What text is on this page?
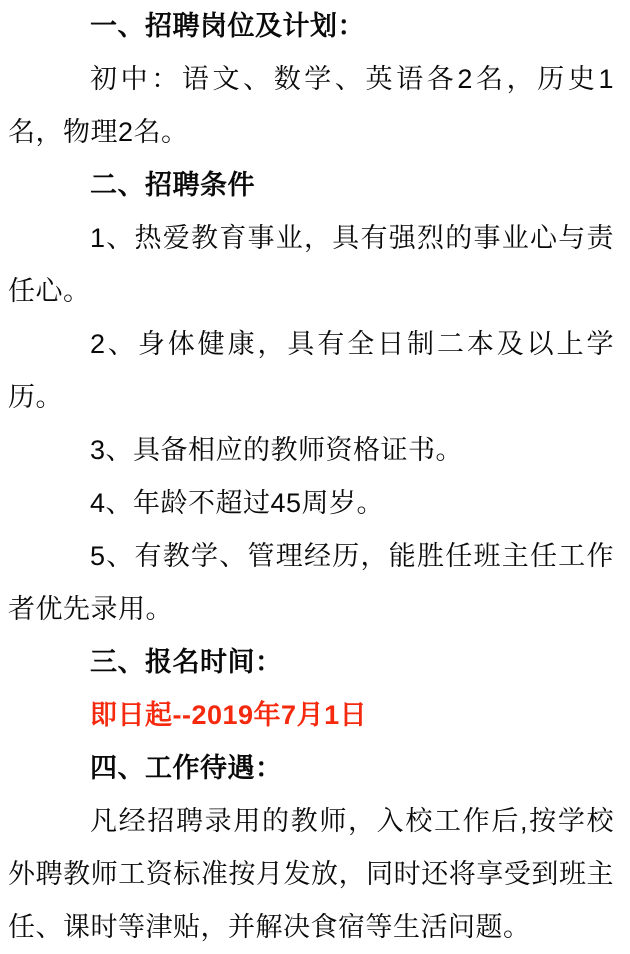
一、招聘岗位及计划：

初中：语文、数学、英语各2名，历史1名，物理2名。

二、招聘条件

1、热爱教育事业，具有强烈的事业心与责任心。

2、身体健康，具有全日制二本及以上学历。

3、具备相应的教师资格证书。

4、年龄不超过45周岁。

5、有教学、管理经历，能胜任班主任工作者优先录用。

三、报名时间：

即日起--2019年7月1日

四、工作待遇：

凡经招聘录用的教师，入校工作后,按学校外聘教师工资标准按月发放，同时还将享受到班主任、课时等津贴，并解决食宿等生活问题。
